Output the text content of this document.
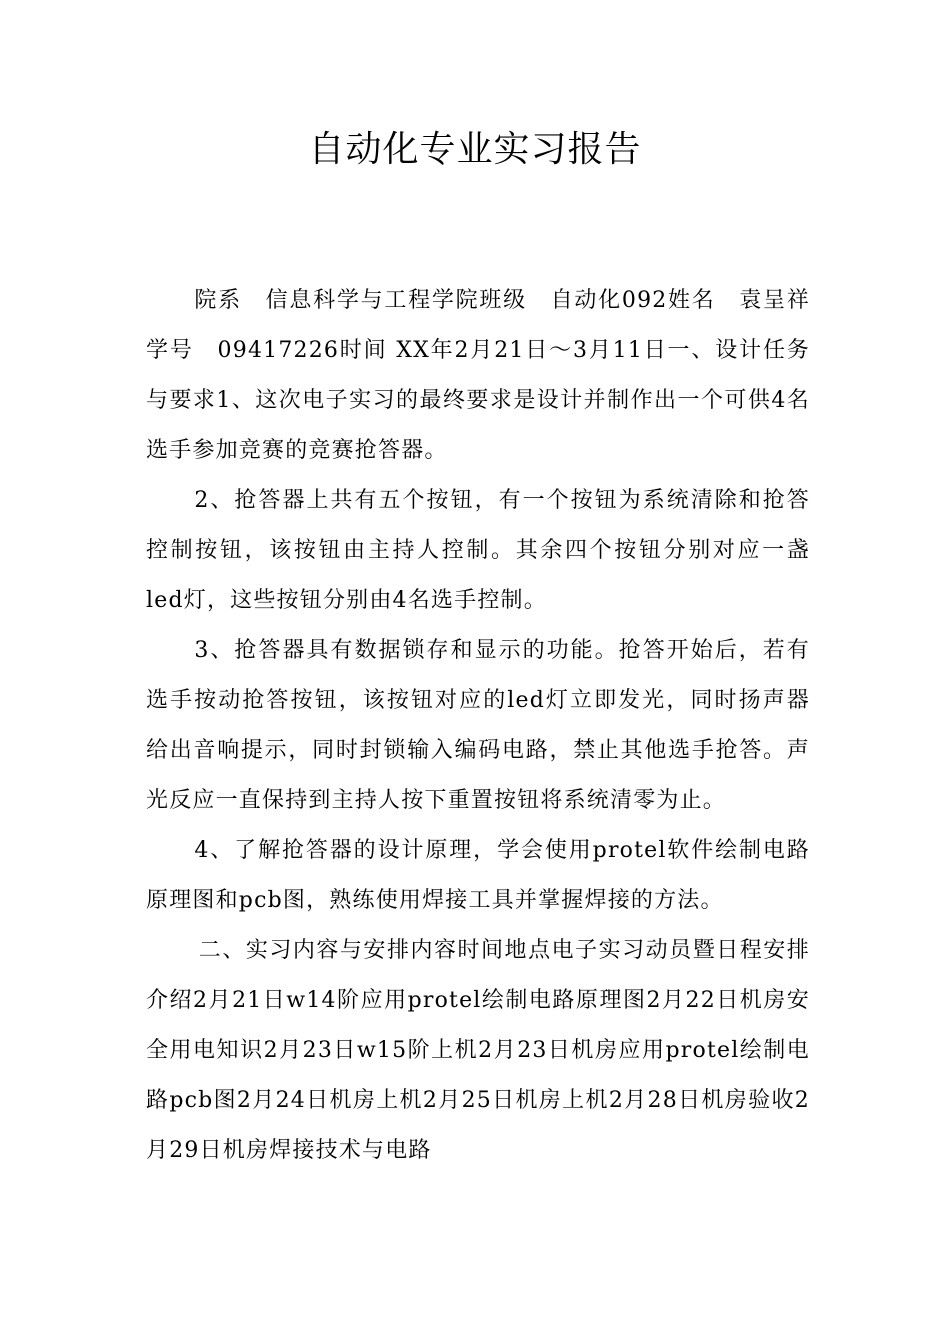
自动化专业实习报告

院系　信息科学与工程学院班级　自动化092姓名　袁呈祥学号　09417226时间 XX年2月21日～3月11日一、设计任务与要求1、这次电子实习的最终要求是设计并制作出一个可供4名选手参加竞赛的竞赛抢答器。

2、抢答器上共有五个按钮，有一个按钮为系统清除和抢答控制按钮，该按钮由主持人控制。其余四个按钮分别对应一盏led灯，这些按钮分别由4名选手控制。

3、抢答器具有数据锁存和显示的功能。抢答开始后，若有选手按动抢答按钮，该按钮对应的led灯立即发光，同时扬声器给出音响提示，同时封锁输入编码电路，禁止其他选手抢答。声光反应一直保持到主持人按下重置按钮将系统清零为止。

4、了解抢答器的设计原理，学会使用protel软件绘制电路原理图和pcb图，熟练使用焊接工具并掌握焊接的方法。

二、实习内容与安排内容时间地点电子实习动员暨日程安排介绍2月21日w14阶应用protel绘制电路原理图2月22日机房安全用电知识2月23日w15阶上机2月23日机房应用protel绘制电路pcb图2月24日机房上机2月25日机房上机2月28日机房验收2月29日机房焊接技术与电路
